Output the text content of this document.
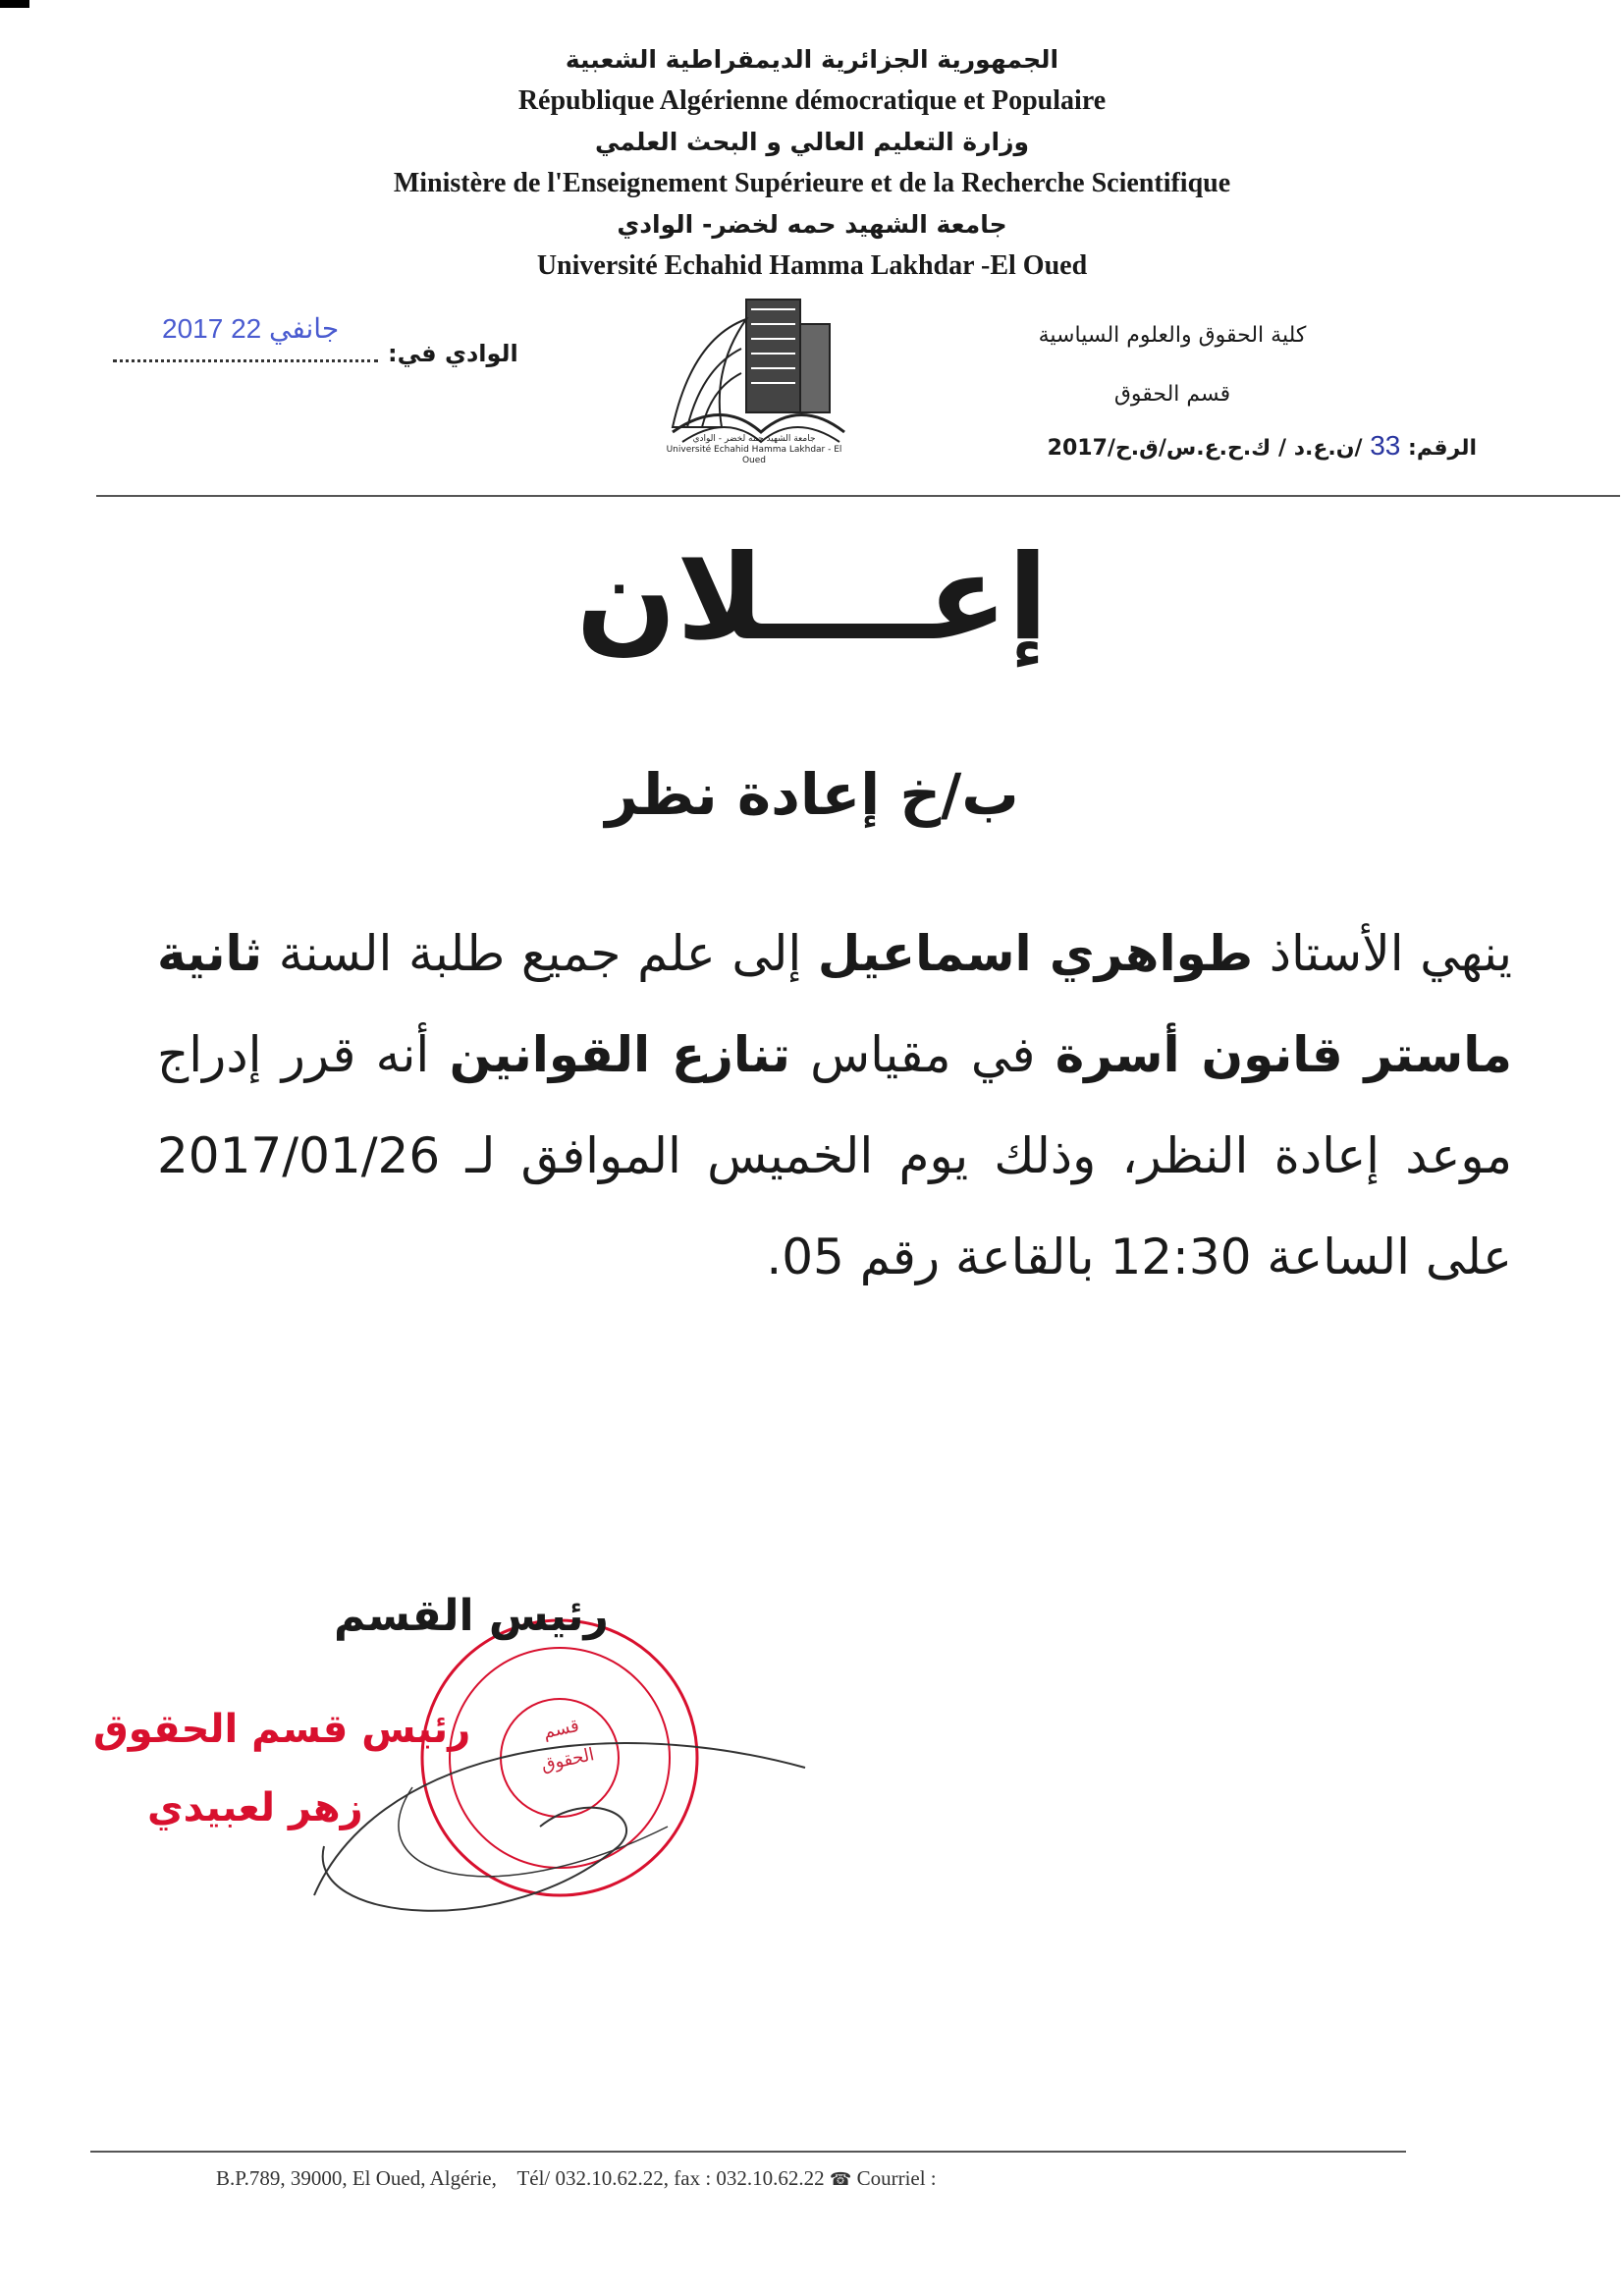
الجمهورية الجزائرية الديمقراطية الشعبية

République Algérienne démocratique et Populaire

وزارة التعليم العالي و البحث العلمي

Ministère de l'Enseignement Supérieure et de la Recherche Scientifique

جامعة الشهيد حمه لخضر- الوادي

Université Echahid Hamma Lakhdar -El Oued

2017 جانفي 22
الوادي في:
جامعة الشهيد حمه لخضر - الوادي
Université Echahid Hamma Lakhdar - El Oued
كلية الحقوق والعلوم السياسية
قسم الحقوق
الرقم: 33 /ن.ع.د / ك.ح.ع.س/ق.ح/2017
إعــــلان
ب/خ إعادة نظر
ينهي الأستاذ طواهري اسماعيل إلى علم جميع طلبة السنة ثانية ماستر قانون أسرة في مقياس تنازع القوانين أنه قرر إدراج موعد إعادة النظر، وذلك يوم الخميس الموافق لـ 2017/01/26 على الساعة 12:30 بالقاعة رقم 05.
قسم الحقوق
رئيس القسم
رئيس قسم الحقوق
زهر لعبيدي
B.P.789, 39000, El Oued, Algérie,    Tél/ 032.10.62.22, fax : 032.10.62.22 ☎ Courriel :
